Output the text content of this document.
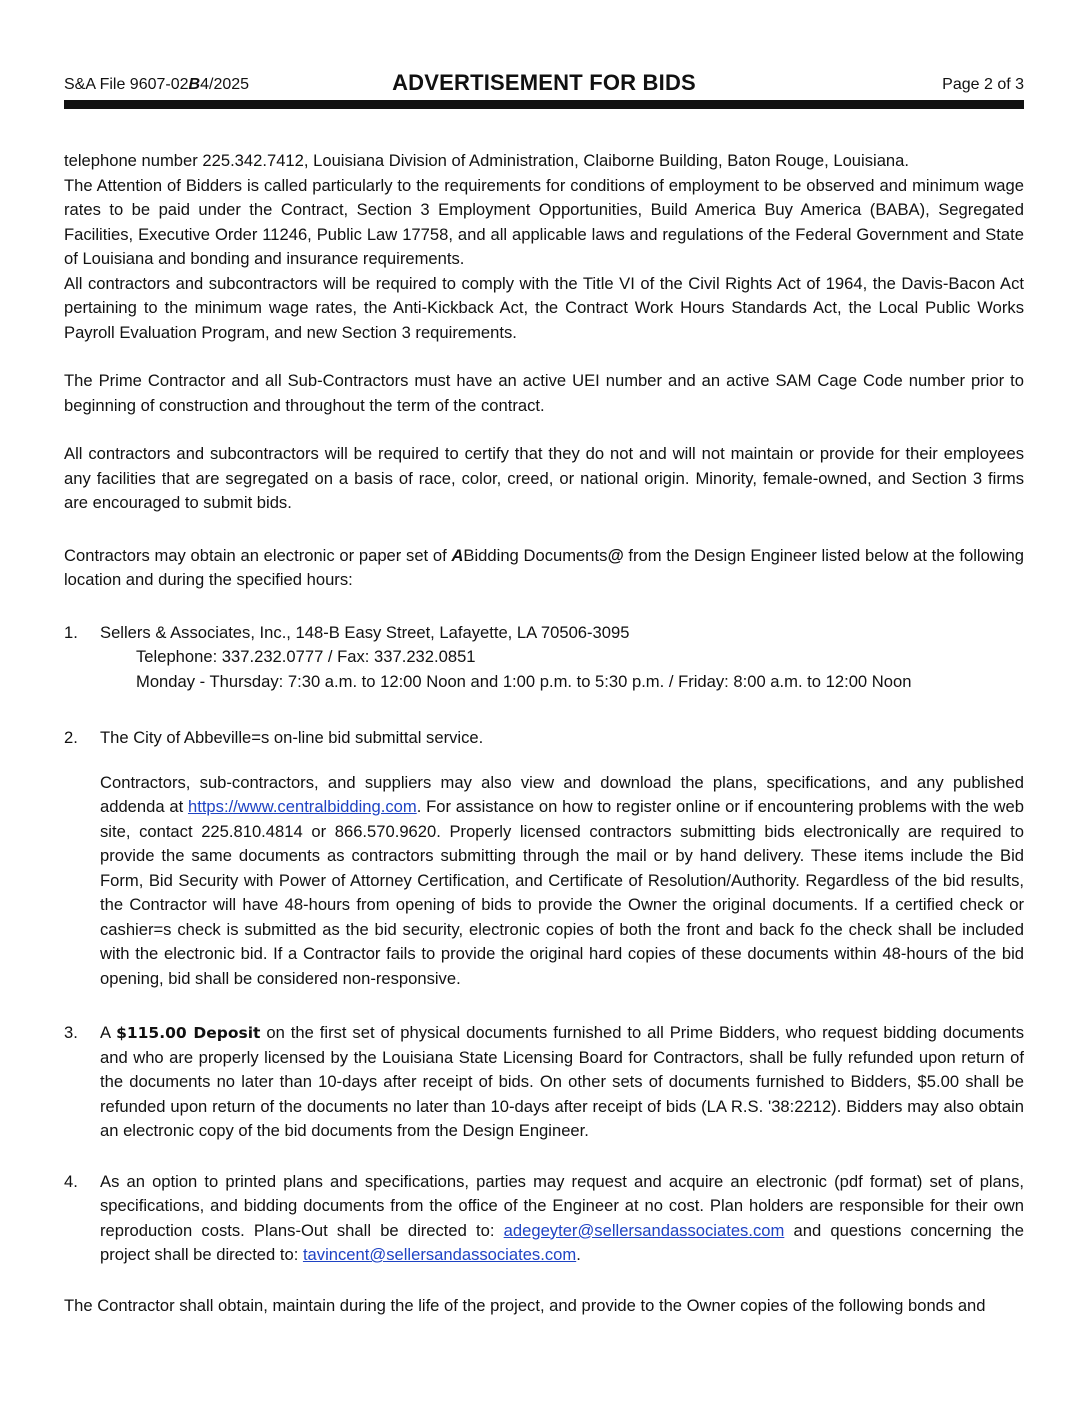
S&A File 9607-02B4/2025	ADVERTISEMENT FOR BIDS	Page 2 of 3

telephone number 225.342.7412, Louisiana Division of Administration, Claiborne Building, Baton Rouge, Louisiana.

The Attention of Bidders is called particularly to the requirements for conditions of employment to be observed and minimum wage rates to be paid under the Contract, Section 3 Employment Opportunities, Build America Buy America (BABA), Segregated Facilities, Executive Order 11246, Public Law 17758, and all applicable laws and regulations of the Federal Government and State of Louisiana and bonding and insurance requirements.

All contractors and subcontractors will be required to comply with the Title VI of the Civil Rights Act of 1964, the Davis-Bacon Act pertaining to the minimum wage rates, the Anti-Kickback Act, the Contract Work Hours Standards Act, the Local Public Works Payroll Evaluation Program, and new Section 3 requirements.

The Prime Contractor and all Sub-Contractors must have an active UEI number and an active SAM Cage Code number prior to beginning of construction and throughout the term of the contract.

All contractors and subcontractors will be required to certify that they do not and will not maintain or provide for their employees any facilities that are segregated on a basis of race, color, creed, or national origin. Minority, female-owned, and Section 3 firms are encouraged to submit bids.

Contractors may obtain an electronic or paper set of ABidding Documents@ from the Design Engineer listed below at the following location and during the specified hours:

1. Sellers & Associates, Inc., 148-B Easy Street, Lafayette, LA 70506-3095
Telephone: 337.232.0777 / Fax: 337.232.0851
Monday - Thursday: 7:30 a.m. to 12:00 Noon and 1:00 p.m. to 5:30 p.m. / Friday: 8:00 a.m. to 12:00 Noon
2. The City of Abbeville=s on-line bid submittal service.

Contractors, sub-contractors, and suppliers may also view and download the plans, specifications, and any published addenda at https://www.centralbidding.com. For assistance on how to register online or if encountering problems with the web site, contact 225.810.4814 or 866.570.9620. Properly licensed contractors submitting bids electronically are required to provide the same documents as contractors submitting through the mail or by hand delivery. These items include the Bid Form, Bid Security with Power of Attorney Certification, and Certificate of Resolution/Authority. Regardless of the bid results, the Contractor will have 48-hours from opening of bids to provide the Owner the original documents. If a certified check or cashier=s check is submitted as the bid security, electronic copies of both the front and back fo the check shall be included with the electronic bid. If a Contractor fails to provide the original hard copies of these documents within 48-hours of the bid opening, bid shall be considered non-responsive.

3. A $115.00 Deposit on the first set of physical documents furnished to all Prime Bidders, who request bidding documents and who are properly licensed by the Louisiana State Licensing Board for Contractors, shall be fully refunded upon return of the documents no later than 10-days after receipt of bids. On other sets of documents furnished to Bidders, $5.00 shall be refunded upon return of the documents no later than 10-days after receipt of bids (LA R.S. '38:2212). Bidders may also obtain an electronic copy of the bid documents from the Design Engineer.

4. As an option to printed plans and specifications, parties may request and acquire an electronic (pdf format) set of plans, specifications, and bidding documents from the office of the Engineer at no cost. Plan holders are responsible for their own reproduction costs. Plans-Out shall be directed to: adegeyter@sellersandassociates.com and questions concerning the project shall be directed to: tavincent@sellersandassociates.com.

The Contractor shall obtain, maintain during the life of the project, and provide to the Owner copies of the following bonds and
